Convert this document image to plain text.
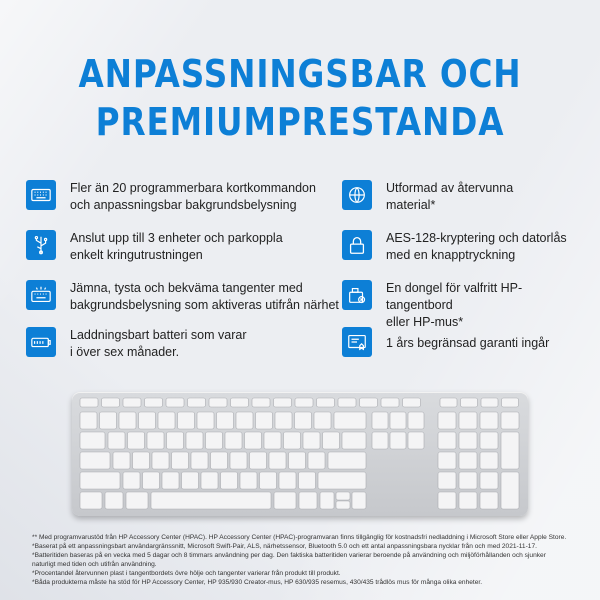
ANPASSNINGSBAR OCH
PREMIUMPRESTANDA
Fler än 20 programmerbara kortkommandon
och anpassningsbar bakgrundsbelysning
Anslut upp till 3 enheter och parkoppla
enkelt kringutrustningen
Jämna, tysta och bekväma tangenter med
bakgrundsbelysning som aktiveras utifrån närhet
Laddningsbart batteri som varar
i över sex månader.
Utformad av återvunna
material*
AES-128-kryptering och datorlås
med en knapptryckning
En dongel för valfritt HP-tangentbord
eller HP-mus*
1 års begränsad garanti ingår
** Med programvarustöd från HP Accessory Center (HPAC). HP Accessory Center (HPAC)-programvaran finns tillgänglig för kostnadsfri nedladdning i Microsoft Store eller Apple Store.
*Baserat på ett anpassningsbart användargränssnitt, Microsoft Swift-Pair, ALS, närhetssensor, Bluetooth 5.0 och ett antal anpassningsbara nycklar från och med 2021-11-17.
*Batteritiden baseras på en vecka med 5 dagar och 8 timmars användning per dag. Den faktiska batteritiden varierar beroende på användning och miljöförhållanden och sjunker
naturligt med tiden och utifrån användning.
*Procentandel återvunnen plast i tangentbordets övre hölje och tangenter varierar från produkt till produkt.
*Båda produkterna måste ha stöd för HP Accessory Center, HP 935/930 Creator-mus, HP 630/935 resemus, 430/435 trådlös mus för många olika enheter.
